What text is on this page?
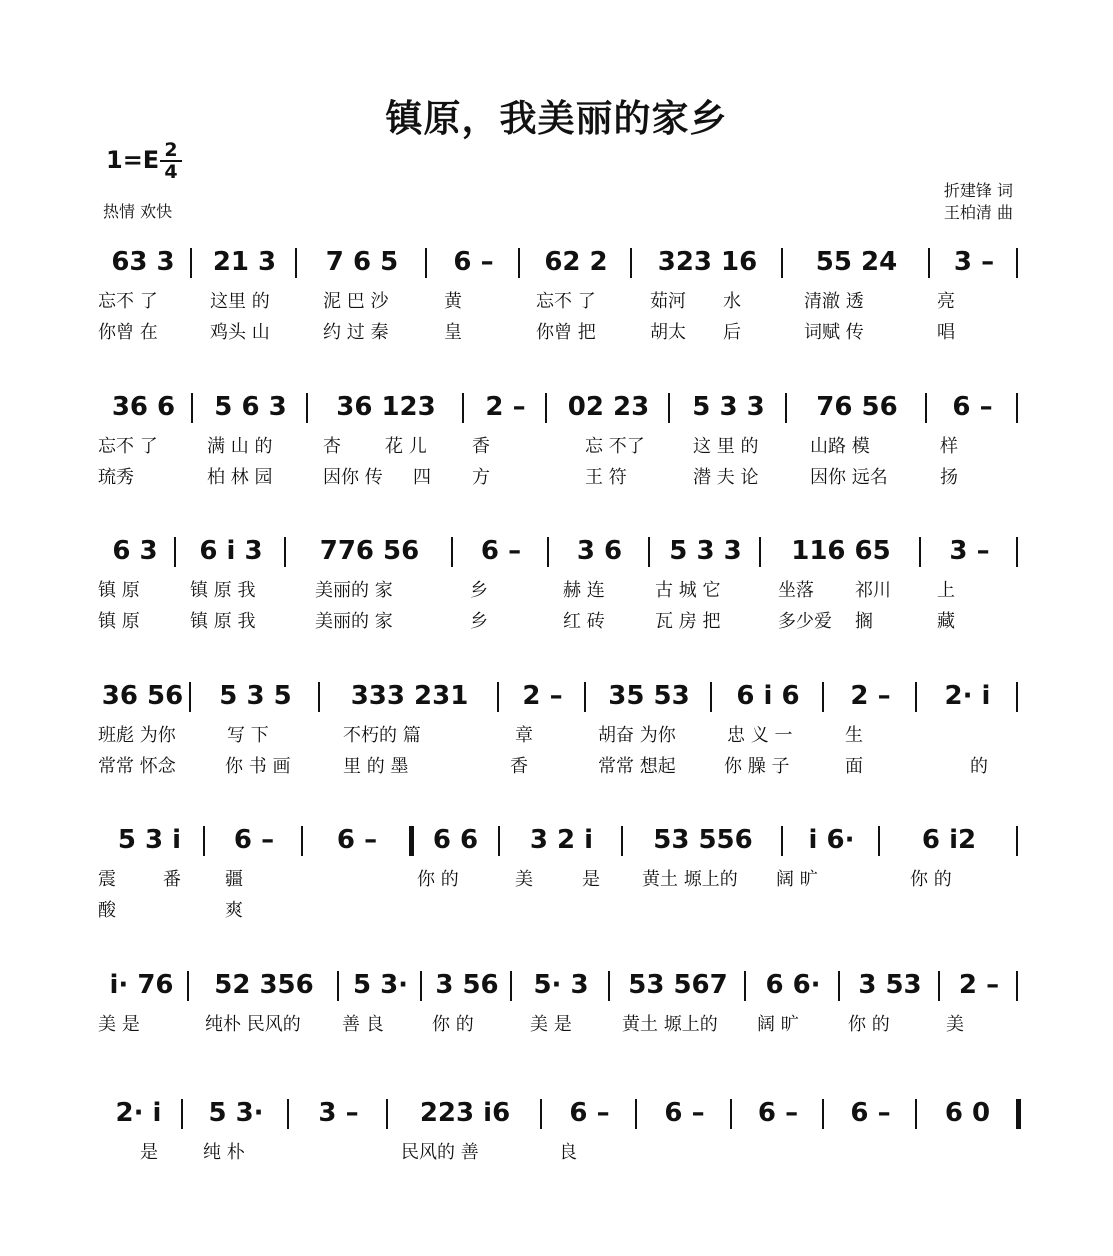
镇原，我美丽的家乡
1=E 2
4
热情 欢快
折建锋 词
王柏清 曲
63 3	21 3	7 6 5	6 –	62 2	323 16	55 24	3 –
忘不 了	这里 的	泥 巴 沙	黄	忘不 了	茹河 水	清澈 透	亮
你曾 在	鸡头 山	约 过 秦	皇	你曾 把	胡太 后	词赋 传	唱
36 6	5 6 3	36 123	2 –	02 23	5 3 3	76 56	6 –
忘不 了	满 山 的	杏 花 儿	香	忘 不了	这 里 的	山路 模	样
琉秀	柏 林 园	因你 传 四 方	王 符	潜 夫 论	因你 远名	扬
6 3	6 i 3	776 56	6 –	3 6	5 3 3	116 65	3 –
镇 原	镇 原 我	美丽的 家	乡	赫 连	古 城 它	坐落 祁川	上
镇 原	镇 原 我	美丽的 家	乡	红 砖	瓦 房 把	多少爱 搁	藏
36 56	5 3 5	333 231	2 –	35 53	6 i 6	2 –	2· i
班彪 为你	写 下	不朽的 篇	章	胡奋 为你	忠 义 一	生
常常 怀念	你 书 画	里 的 墨	香	常常 想起	你 臊 子	面	的
5 3 i	6 –	6 –	6 6	3 2 i	53 556	i 6·	6 i2
震	番 疆	你 的	美	是 黄土 塬上的 阔 旷	你 的
酸	爽
i· 76	52 356	5 3·	3 56	5· 3	53 567	6 6·	3 53	2 –
美 是	纯朴 民风的 善 良	你 的	美 是	黄土 塬上的 阔 旷	你 的	美
2· i	5 3·	3 –	223 i6	6 –	6 –	6 –	6 –	6 0
是	纯 朴	民风的 善	良
